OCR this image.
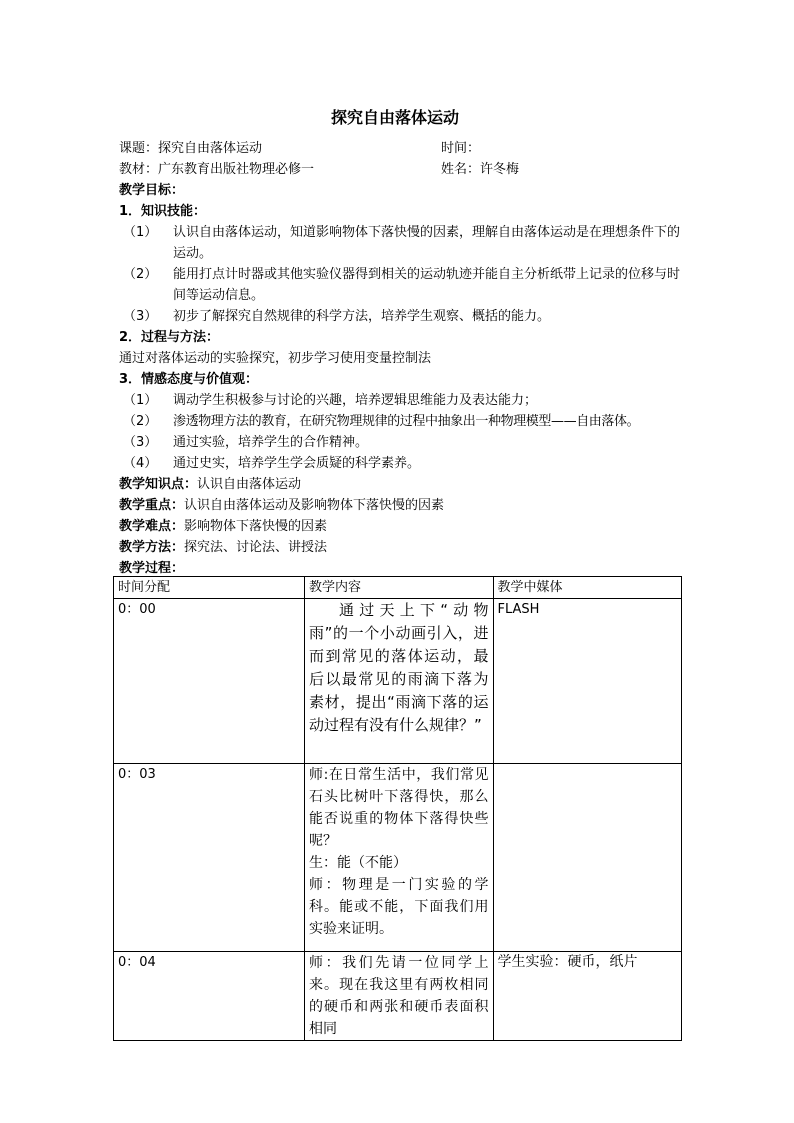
探究自由落体运动
课题：探究自由落体运动	时间：
教材：广东教育出版社物理必修一	姓名：许冬梅
教学目标：
1．知识技能：
（1）	认识自由落体运动，知道影响物体下落快慢的因素，理解自由落体运动是在理想条件下的运动。
（2）	能用打点计时器或其他实验仪器得到相关的运动轨迹并能自主分析纸带上记录的位移与时间等运动信息。
（3）	初步了解探究自然规律的科学方法，培养学生观察、概括的能力。
2．过程与方法：
通过对落体运动的实验探究，初步学习使用变量控制法
3．情感态度与价值观：
（1）	调动学生积极参与讨论的兴趣，培养逻辑思维能力及表达能力；
（2）	渗透物理方法的教育，在研究物理规律的过程中抽象出一种物理模型——自由落体。
（3）	通过实验，培养学生的合作精神。
（4）	通过史实，培养学生学会质疑的科学素养。
教学知识点：认识自由落体运动
教学重点：认识自由落体运动及影响物体下落快慢的因素
教学难点：影响物体下落快慢的因素
教学方法：探究法、讨论法、讲授法
教学过程：
时间分配	教学内容	教学中媒体
0：00	通过天上下“动物雨”的一个小动画引入，进而到常见的落体运动，最后以最常见的雨滴下落为素材，提出“雨滴下落的运动过程有没有什么规律？”	FLASH
0：03	师:在日常生活中，我们常见石头比树叶下落得快，那么能否说重的物体下落得快些呢？
生：能（不能）
师：物理是一门实验的学科。能或不能，下面我们用实验来证明。	

0：04	师：我们先请一位同学上来。现在我这里有两枚相同的硬币和两张和硬币表面积相同	学生实验：硬币，纸片
